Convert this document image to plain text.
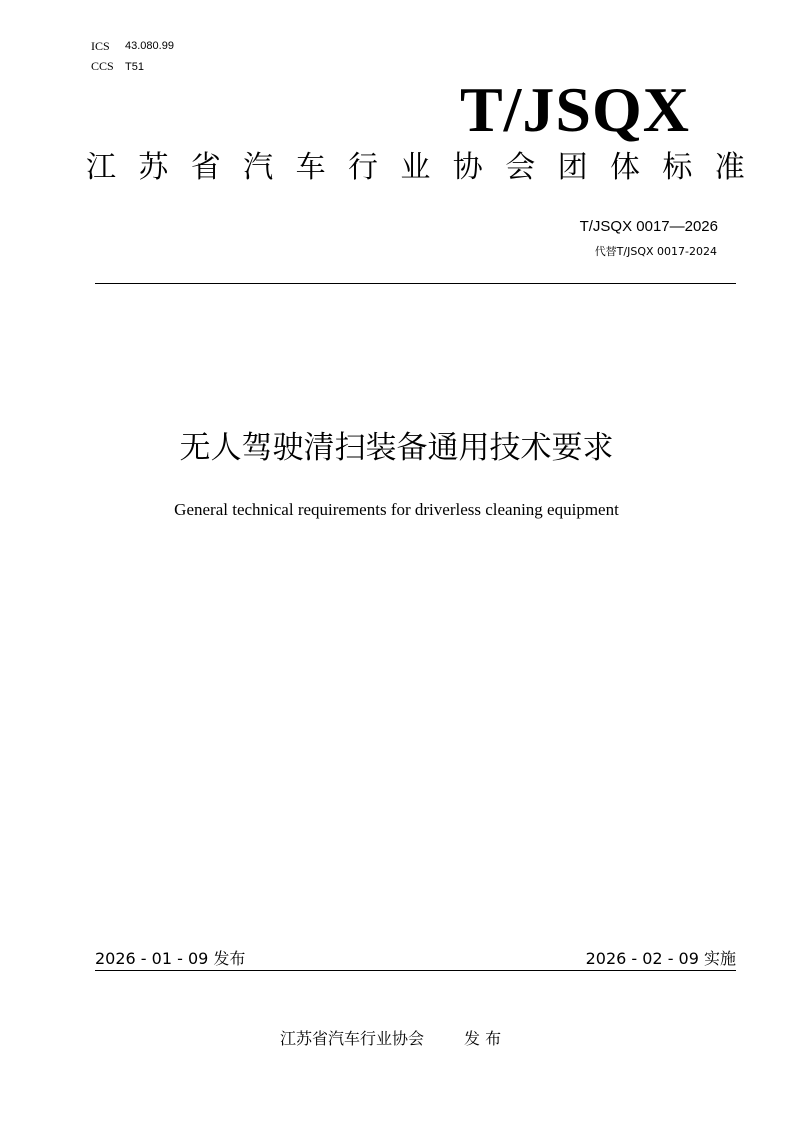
ICS 43.080.99
CCS T51
T/JSQX
江苏省汽车行业协会团体标准
T/JSQX 0017—2026
代替T/JSQX 0017-2024
无人驾驶清扫装备通用技术要求
General technical requirements for driverless cleaning equipment
2026 - 01 - 09 发布	2026 - 02 - 09 实施
江苏省汽车行业协会	发 布
